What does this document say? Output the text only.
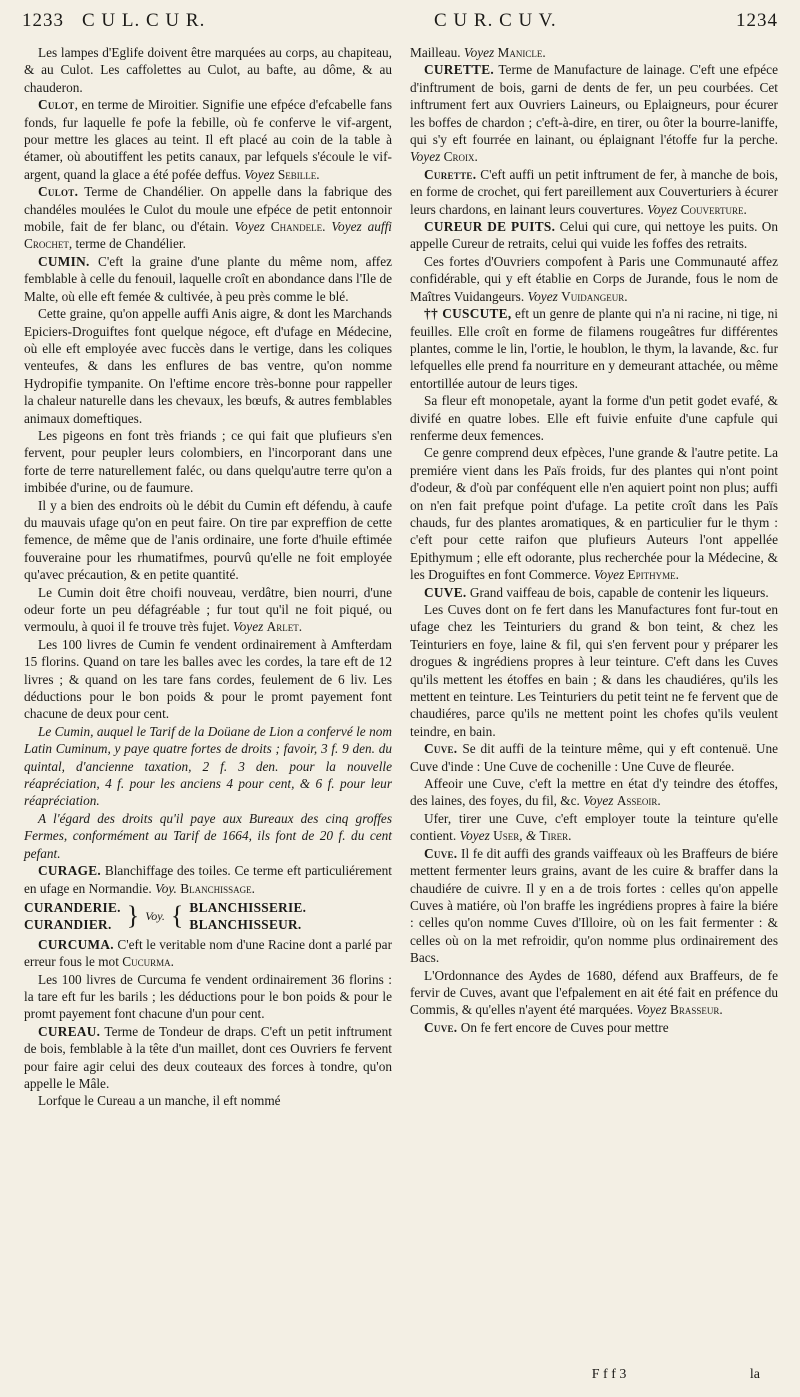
1233 C U L. C U R.	C U R. C U V.	1234

Les lampes d'Eglife doivent être marquées au corps, au chapiteau, & au Culot. Les caffolettes au Culot, au bafte, au dôme, & au chauderon.

Culot, en terme de Miroitier. Signifie une efpéce d'efcabelle fans fonds, fur laquelle fe pofe la febille, où fe conferve le vif-argent, pour mettre les glaces au teint. Il eft placé au coin de la table à étamer, où aboutiffent les petits canaux, par lefquels s'écoule le vif-argent, quand la glace a été pofée deffus. Voyez Sebille.

Culot. Terme de Chandélier. On appelle dans la fabrique des chandéles moulées le Culot du moule une efpéce de petit entonnoir mobile, fait de fer blanc, ou d'étain. Voyez Chandele. Voyez auffi Crochet, terme de Chandélier.

CUMIN. C'eft la graine d'une plante du même nom, affez femblable à celle du fenouil, laquelle croît en abondance dans l'Ile de Malte, où elle eft femée & cultivée, à peu près comme le blé.

Cette graine, qu'on appelle auffi Anis aigre, & dont les Marchands Epiciers-Droguiftes font quelque négoce, eft d'ufage en Médecine, où elle eft employée avec fuccès dans le vertige, dans les coliques venteufes, & dans les enflures de bas ventre, qu'on nomme Hydropifie tympanite. On l'eftime encore très-bonne pour rappeller la chaleur naturelle dans les chevaux, les bœufs, & autres femblables animaux domeftiques.

Les pigeons en font très friands ; ce qui fait que plufieurs s'en fervent, pour peupler leurs colombiers, en l'incorporant dans une forte de terre naturellement faléc, ou dans quelqu'autre terre qu'on a imbibée d'urine, ou de faumure.

Il y a bien des endroits où le débit du Cumin eft défendu, à caufe du mauvais ufage qu'on en peut faire. On tire par expreffion de cette femence, de même que de l'anis ordinaire, une forte d'huile eftimée fouveraine pour les rhumatifmes, pourvû qu'elle ne foit employée qu'avec précaution, & en petite quantité.

Le Cumin doit être choifi nouveau, verdâtre, bien nourri, d'une odeur forte un peu défagréable ; fur tout qu'il ne foit piqué, ou vermoulu, à quoi il fe trouve très fujet. Voyez Arlet.

Les 100 livres de Cumin fe vendent ordinairement à Amfterdam 15 florins. Quand on tare les balles avec les cordes, la tare eft de 12 livres ; & quand on les tare fans cordes, feulement de 6 liv. Les déductions pour le bon poids & pour le promt payement font chacune de deux pour cent.

Le Cumin, auquel le Tarif de la Doüane de Lion a confervé le nom Latin Cuminum, y paye quatre fortes de droits ; favoir, 3 f. 9 den. du quintal, d'ancienne taxation, 2 f. 3 den. pour la nouvelle réapréciation, 4 f. pour les anciens 4 pour cent, & 6 f. pour leur réapréciation.

A l'égard des droits qu'il paye aux Bureaux des cinq groffes Fermes, conformément au Tarif de 1664, ils font de 20 f. du cent pefant.

CURAGE. Blanchiffage des toiles. Ce terme eft particuliérement en ufage en Normandie. Voy. Blanchissage.

CURANDERIE.
CURANDIER. } Voy. { BLANCHISSERIE.
BLANCHISSEUR.

CURCUMA. C'eft le veritable nom d'une Racine dont a parlé par erreur fous le mot Cucurma.

Les 100 livres de Curcuma fe vendent ordinairement 36 florins : la tare eft fur les barils ; les déductions pour le bon poids & pour le promt payement font chacune d'un pour cent.

CUREAU. Terme de Tondeur de draps. C'eft un petit inftrument de bois, femblable à la tête d'un maillet, dont ces Ouvriers fe fervent pour faire agir celui des deux couteaux des forces à tondre, qu'on appelle le Mâle.

Lorfque le Cureau a un manche, il eft nommé

Mailleau. Voyez Manicle.

CURETTE. Terme de Manufacture de lainage. C'eft une efpéce d'inftrument de bois, garni de dents de fer, un peu courbées. Cet inftrument fert aux Ouvriers Laineurs, ou Eplaigneurs, pour écurer les boffes de chardon ; c'eft-à-dire, en tirer, ou ôter la bourre-laniffe, qui s'y eft fourrée en lainant, ou éplaignant l'étoffe fur la perche. Voyez Croix.

Curette. C'eft auffi un petit inftrument de fer, à manche de bois, en forme de crochet, qui fert pareillement aux Couverturiers à écurer leurs chardons, en lainant leurs couvertures. Voyez Couverture.

CUREUR DE PUITS. Celui qui cure, qui nettoye les puits. On appelle Cureur de retraits, celui qui vuide les foffes des retraits.

Ces fortes d'Ouvriers compofent à Paris une Communauté affez confidérable, qui y eft établie en Corps de Jurande, fous le nom de Maîtres Vuidangeurs. Voyez Vuidangeur.

†† CUSCUTE, eft un genre de plante qui n'a ni racine, ni tige, ni feuilles. Elle croît en forme de filamens rougeâtres fur différentes plantes, comme le lin, l'ortie, le houblon, le thym, la lavande, &c. fur lefquelles elle prend fa nourriture en y demeurant attachée, ou même entortillée autour de leurs tiges.

Sa fleur eft monopetale, ayant la forme d'un petit godet evafé, & divifé en quatre lobes. Elle eft fuivie enfuite d'une capfule qui renferme deux femences.

Ce genre comprend deux efpèces, l'une grande & l'autre petite. La premiére vient dans les Païs froids, fur des plantes qui n'ont point d'odeur, & d'où par conféquent elle n'en aquiert point non plus; auffi on n'en fait prefque point d'ufage. La petite croît dans les Païs chauds, fur des plantes aromatiques, & en particulier fur le thym : c'eft pour cette raifon que plufieurs Auteurs l'ont appellée Epithymum ; elle eft odorante, plus recherchée pour la Médecine, & les Droguiftes en font Commerce. Voyez Epithyme.

CUVE. Grand vaiffeau de bois, capable de contenir les liqueurs.

Les Cuves dont on fe fert dans les Manufactures font fur-tout en ufage chez les Teinturiers du grand & bon teint, & chez les Teinturiers en foye, laine & fil, qui s'en fervent pour y préparer les drogues & ingrédiens propres à leur teinture. C'eft dans les Cuves qu'ils mettent les étoffes en bain ; & dans les chaudiéres, qu'ils les mettent en teinture. Les Teinturiers du petit teint ne fe fervent que de chaudiéres, parce qu'ils ne mettent point les chofes qu'ils veulent teindre, en bain.

Cuve. Se dit auffi de la teinture même, qui y eft contenuë. Une Cuve d'inde : Une Cuve de cochenille : Une Cuve de fleurée.

Affeoir une Cuve, c'eft la mettre en état d'y teindre des étoffes, des laines, des foyes, du fil, &c. Voyez Asseoir.

Ufer, tirer une Cuve, c'eft employer toute la teinture qu'elle contient. Voyez User, & Tirer.

Cuve. Il fe dit auffi des grands vaiffeaux où les Braffeurs de biére mettent fermenter leurs grains, avant de les cuire & braffer dans la chaudiére de cuivre. Il y en a de trois fortes : celles qu'on appelle Cuves à matiére, où l'on braffe les ingrédiens propres à faire la biére : celles qu'on nomme Cuves d'Illoire, où on les fait fermenter : & celles où on la met refroidir, qu'on nomme plus ordinairement des Bacs.

L'Ordonnance des Aydes de 1680, défend aux Braffeurs, de fe fervir de Cuves, avant que l'efpalement en ait été fait en préfence du Commis, & qu'elles n'ayent été marquées. Voyez Brasseur.

Cuve. On fe fert encore de Cuves pour mettre

F f f 3	la
